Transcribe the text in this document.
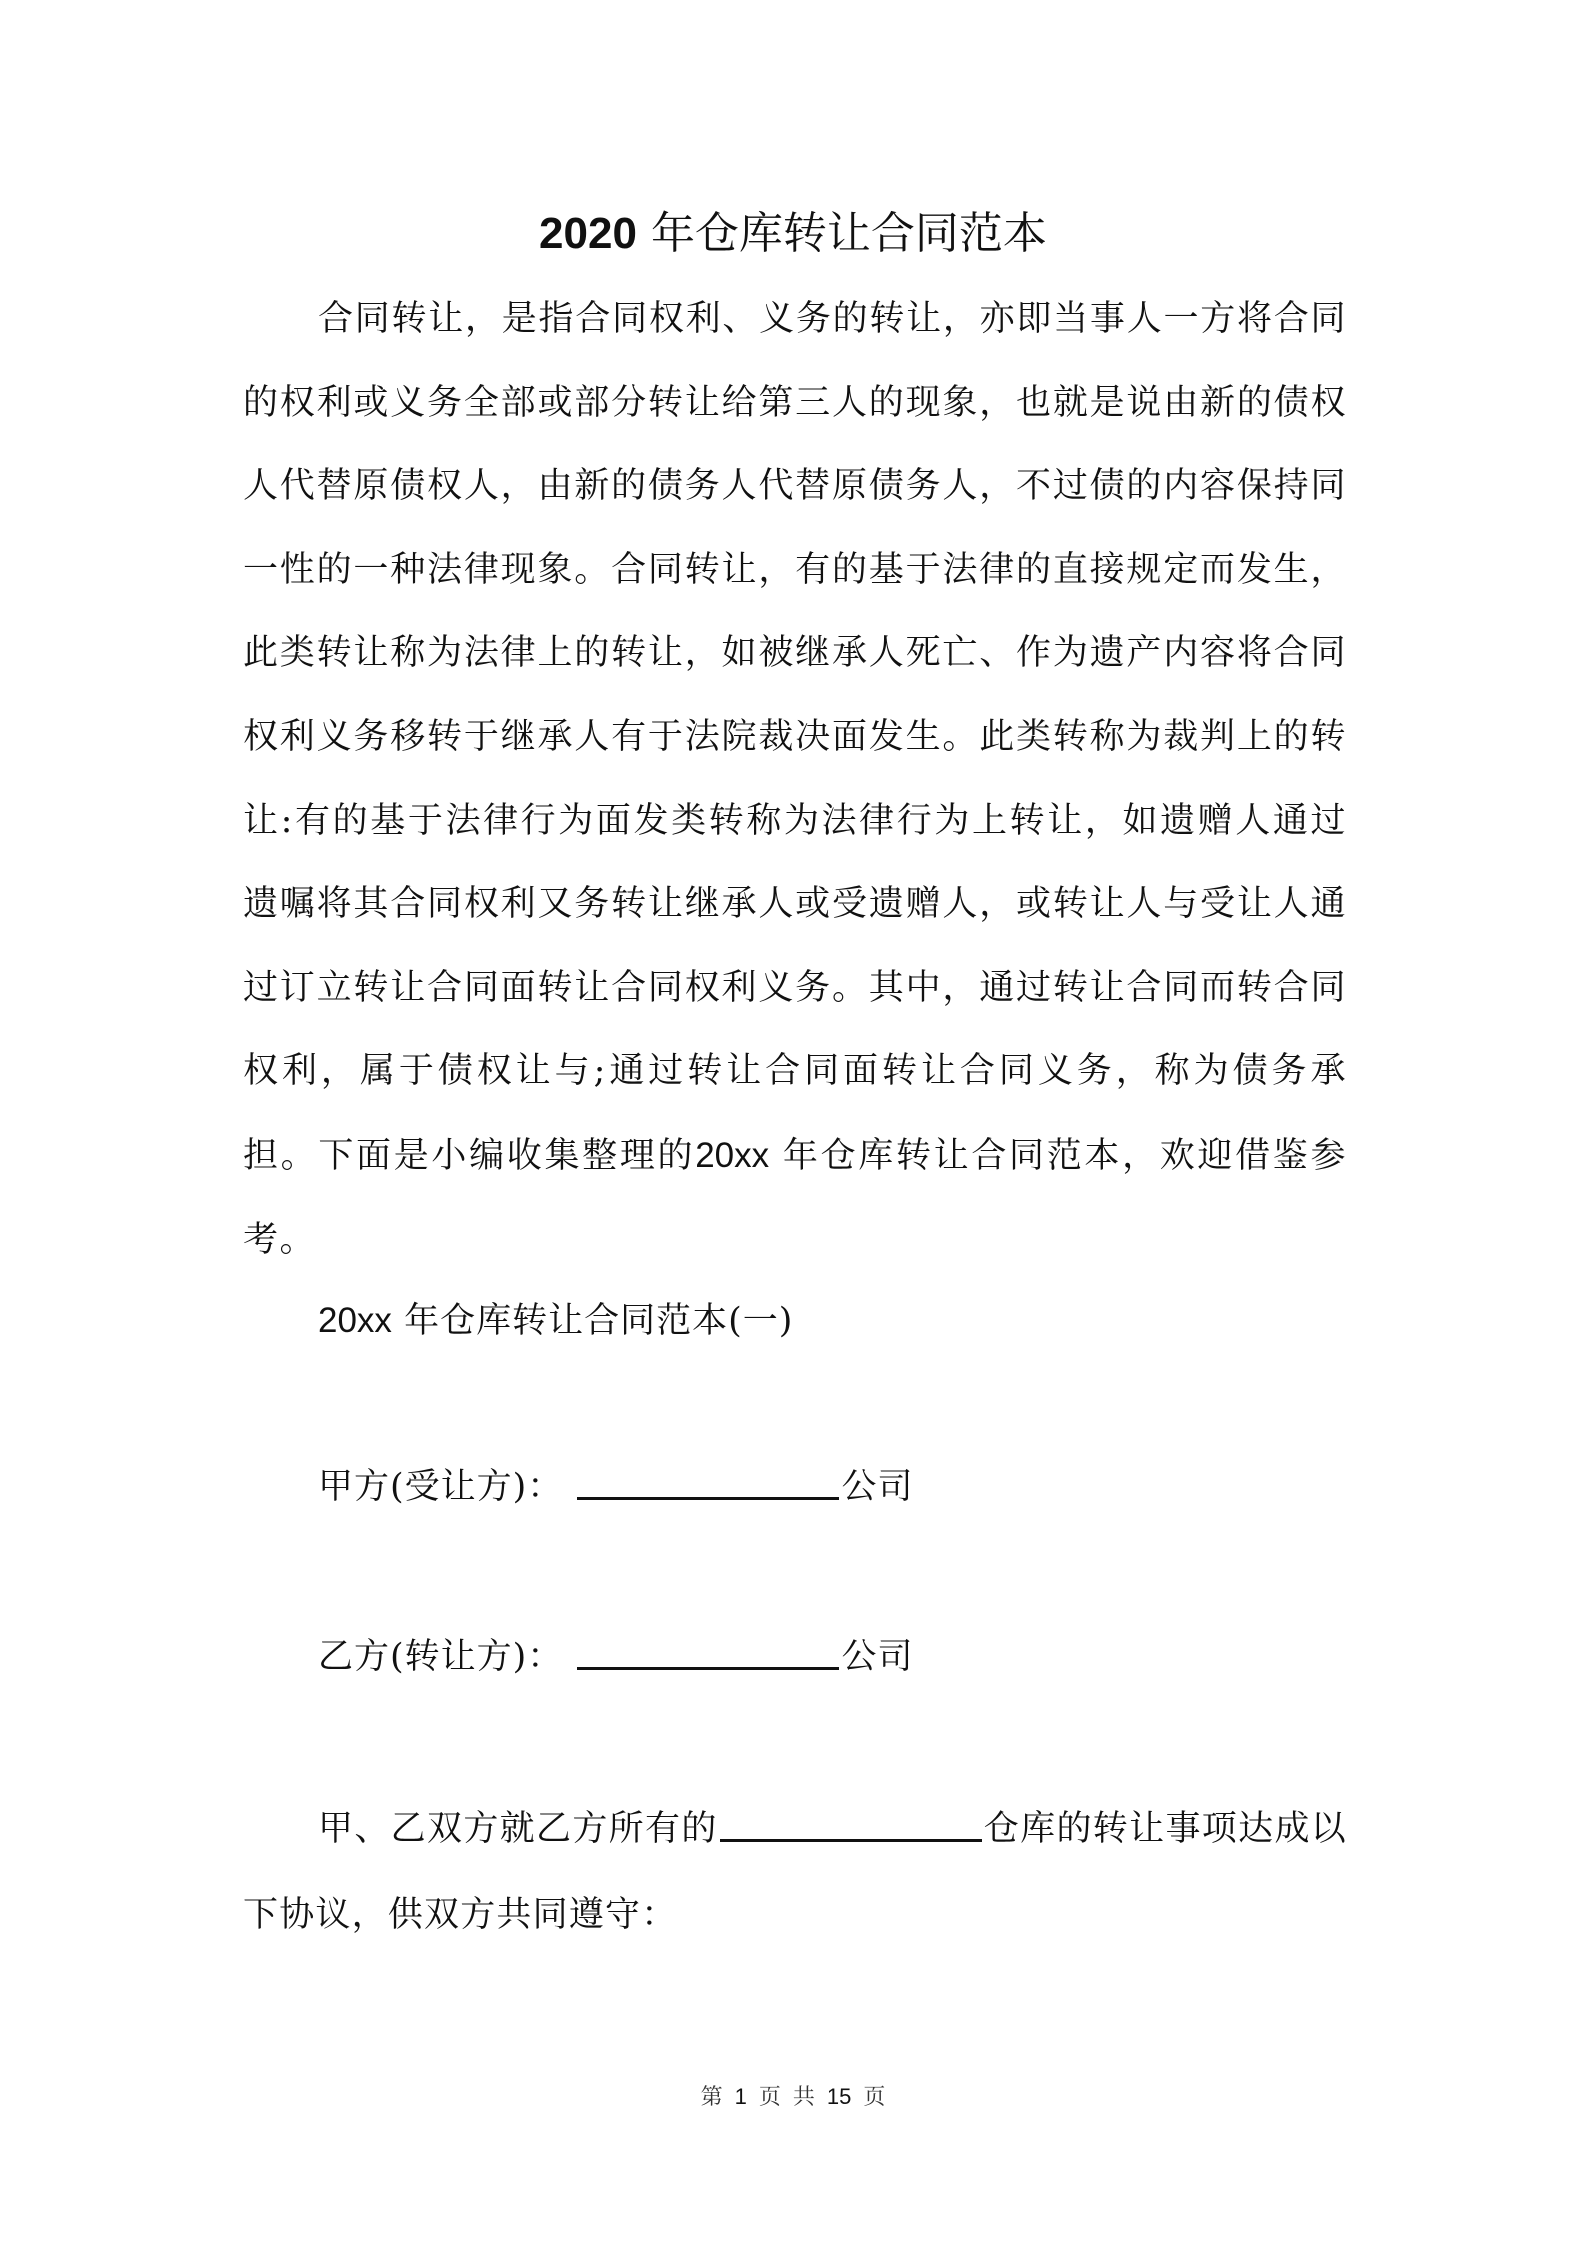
2020 年仓库转让合同范本

合同转让，是指合同权利、义务的转让，亦即当事人一方将合同的权利或义务全部或部分转让给第三人的现象，也就是说由新的债权人代替原债权人，由新的债务人代替原债务人，不过债的内容保持同一性的一种法律现象。合同转让，有的基于法律的直接规定而发生，此类转让称为法律上的转让，如被继承人死亡、作为遗产内容将合同权利义务移转于继承人有于法院裁决面发生。此类转称为裁判上的转让:有的基于法律行为面发类转称为法律行为上转让，如遗赠人通过遗嘱将其合同权利又务转让继承人或受遗赠人，或转让人与受让人通过订立转让合同面转让合同权利义务。其中，通过转让合同而转合同权利，属于债权让与;通过转让合同面转让合同义务，称为债务承担。下面是小编收集整理的20xx 年仓库转让合同范本，欢迎借鉴参考。

20xx 年仓库转让合同范本(一)
甲方(受让方)：	公司
乙方(转让方)：	公司

甲、乙双方就乙方所有的	仓库的转让事项达成以下协议，供双方共同遵守：

第 1 页 共 15 页
